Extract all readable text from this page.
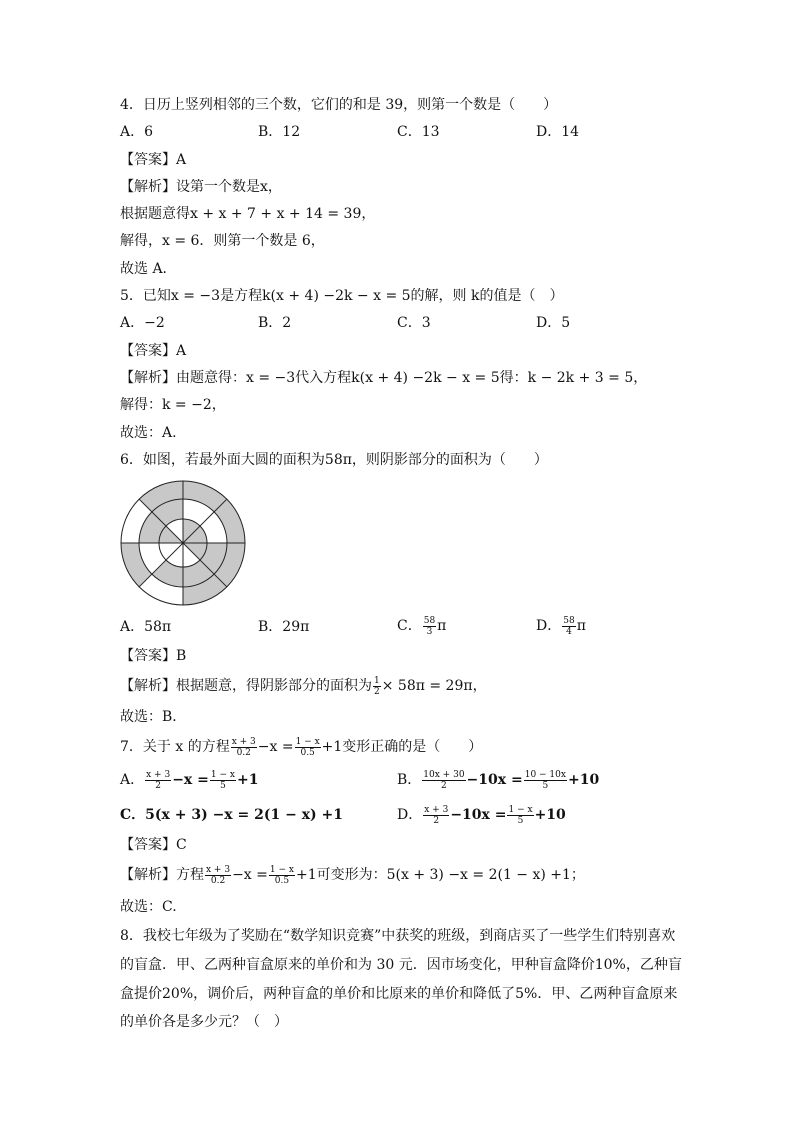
4．日历上竖列相邻的三个数，它们的和是 39，则第一个数是（　　）
A．6	B．12	C．13	D．14
【答案】A
【解析】设第一个数是x，
根据题意得x + x + 7 + x + 14 = 39，
解得，x = 6．则第一个数是 6，
故选 A．
5．已知x = −3是方程k(x + 4) −2k − x = 5的解，则 k的值是（　）
A．−2	B．2	C．3	D．5
【答案】A
【解析】由题意得：x = −3代入方程k(x + 4) −2k − x = 5得：k − 2k + 3 = 5，
解得：k = −2，
故选：A.
6．如图，若最外面大圆的面积为58π，则阴影部分的面积为（　　）
A．58π	B．29π	C． $\frac{58}{3}$ π	D． $\frac{58}{4}$ π
【答案】B
【解析】根据题意，得阴影部分的面积为 $\frac{1}{2} \times 58\pi = 29\pi$，
故选：B．
7．关于 x 的方程 $\frac{x + 3}{0.2} -x = \frac{1 - x}{0.5} +1$变形正确的是（　　）
A． $\frac{x + 3}{2} -x = \frac{1 - x}{5} +1$	B． $\frac{10x + 30}{2} -10x = \frac{10 - 10x}{5} +10$
C．5(x + 3) −x = 2(1 − x) +1	D． $\frac{x + 3}{2} -10x = \frac{1 - x}{5} +10$
【答案】C
【解析】方程 $\frac{x + 3}{0.2} -x = \frac{1 - x}{0.5} +1$可变形为：5(x + 3) −x = 2(1 − x) +1；
故选：C.
8．我校七年级为了奖励在“数学知识竞赛”中获奖的班级，到商店买了一些学生们特别喜欢
的盲盒．甲、乙两种盲盒原来的单价和为 30 元．因市场变化，甲种盲盒降价10%，乙种盲
盒提价20%，调价后，两种盲盒的单价和比原来的单价和降低了5%．甲、乙两种盲盒原来
的单价各是多少元？（　）
